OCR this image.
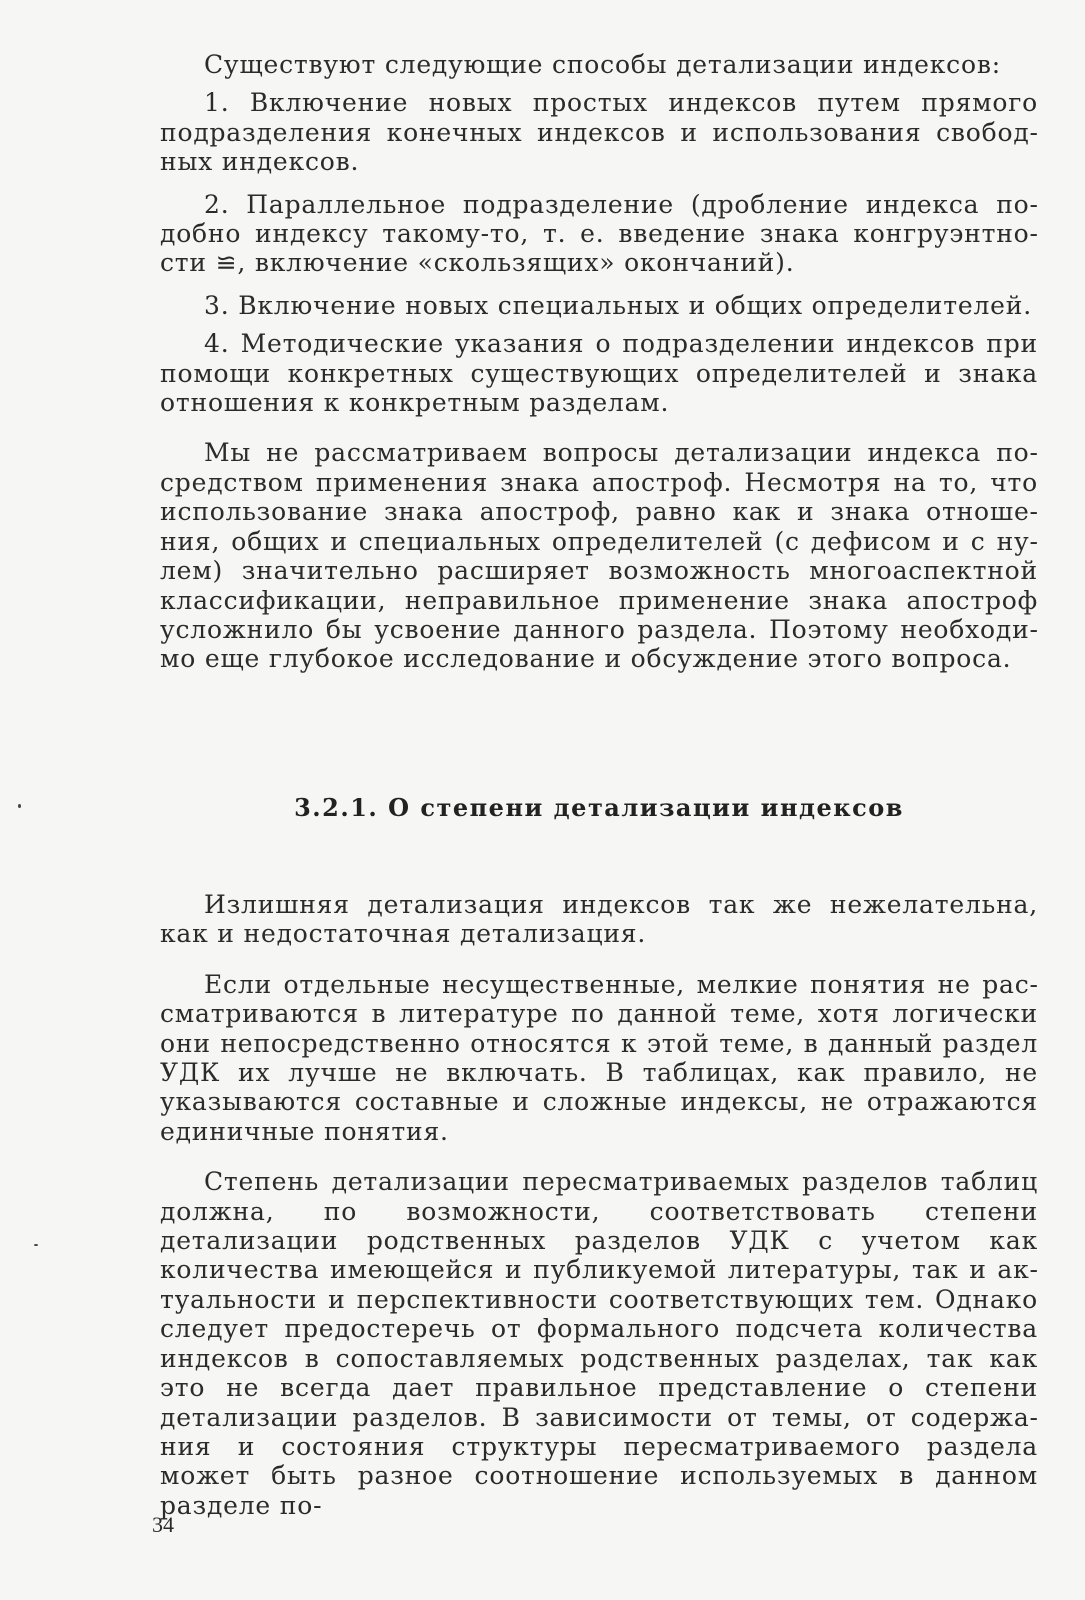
Существуют следующие способы детализации индексов:

1. Включение новых простых индексов путем прямого подразделения конечных индексов и использования свободных индексов.

2. Параллельное подразделение (дробление индекса подобно индексу такому-то, т. е. введение знака конгруэнтности ≌, включение «скользящих» окончаний).

3. Включение новых специальных и общих определителей.

4. Методические указания о подразделении индексов при помощи конкретных существующих определителей и знака отношения к конкретным разделам.

Мы не рассматриваем вопросы детализации индекса посредством применения знака апостроф. Несмотря на то, что использование знака апостроф, равно как и знака отношения, общих и специальных определителей (с дефисом и с нулем) значительно расширяет возможность многоаспектной классификации, неправильное применение знака апостроф усложнило бы усвоение данного раздела. Поэтому необходимо еще глубокое исследование и обсуждение этого вопроса.

3.2.1. О степени детализации индексов

Излишняя детализация индексов так же нежелательна, как и недостаточная детализация.

Если отдельные несущественные, мелкие понятия не рассматриваются в литературе по данной теме, хотя логически они непосредственно относятся к этой теме, в данный раздел УДК их лучше не включать. В таблицах, как правило, не указываются составные и сложные индексы, не отражаются единичные понятия.

Степень детализации пересматриваемых разделов таблиц должна, по возможности, соответствовать степени детализации родственных разделов УДК с учетом как количества имеющейся и публикуемой литературы, так и актуальности и перспективности соответствующих тем. Однако следует предостеречь от формального подсчета количества индексов в сопоставляемых родственных разделах, так как это не всегда дает правильное представление о степени детализации разделов. В зависимости от темы, от содержания и состояния структуры пересматриваемого раздела может быть разное соотношение используемых в данном разделе по-

34
